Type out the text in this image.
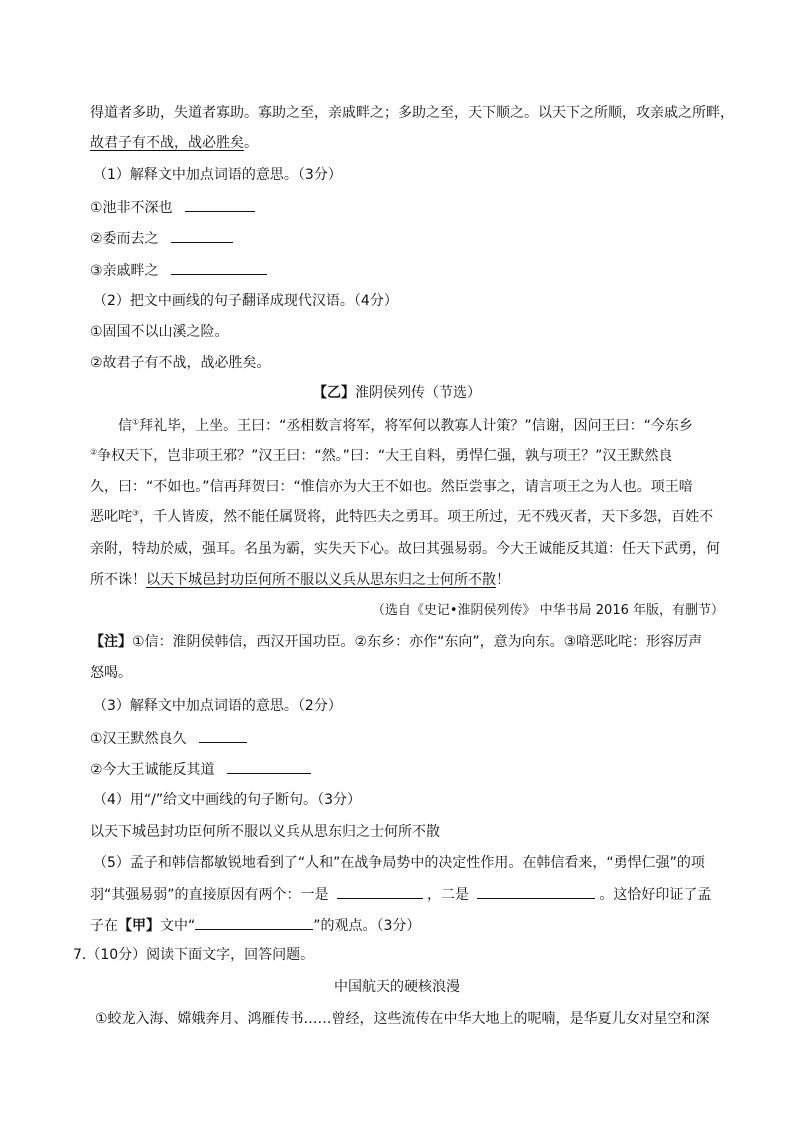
得道者多助，失道者寡助。寡助之至，亲戚畔之；多助之至，天下顺之。以天下之所顺，攻亲戚之所畔，
故君子有不战，战必胜矣。
（1）解释文中加点词语的意思。（3分）
①池非不深也
②委而去之
③亲戚畔之
（2）把文中画线的句子翻译成现代汉语。（4分）
①固国不以山溪之险。
②故君子有不战，战必胜矣。
【乙】淮阴侯列传（节选）
信①拜礼毕，上坐。王曰：“丞相数言将军，将军何以教寡人计策？”信谢，因问王曰：“今东乡
②争权天下，岂非项王邪？”汉王曰：“然。”曰：“大王自料，勇悍仁强，孰与项王？”汉王默然良
久，曰：“不如也。”信再拜贺曰：“惟信亦为大王不如也。然臣尝事之，请言项王之为人也。项王喑
恶叱咤③，千人皆废，然不能任属贤将，此特匹夫之勇耳。项王所过，无不残灭者，天下多怨，百姓不
亲附，特劫於威，强耳。名虽为霸，实失天下心。故曰其强易弱。今大王诚能反其道：任天下武勇，何
所不诛！以天下城邑封功臣何所不服以义兵从思东归之士何所不散！
（选自《史记•淮阴侯列传》 中华书局 2016 年版，有删节）
【注】①信：淮阴侯韩信，西汉开国功臣。②东乡：亦作“东向”，意为向东。③喑恶叱咤：形容厉声
怒喝。
（3）解释文中加点词语的意思。（2分）
①汉王默然良久
②今大王诚能反其道
（4）用“/”给文中画线的句子断句。（3分）
以天下城邑封功臣何所不服以义兵从思东归之士何所不散
（5）孟子和韩信都敏锐地看到了“人和”在战争局势中的决定性作用。在韩信看来，“勇悍仁强”的项
羽“其强易弱”的直接原因有两个：一是	，二是	。这恰好印证了孟
子在【甲】文中“	”的观点。（3分）
7.（10分）阅读下面文字，回答问题。
中国航天的硬核浪漫
①蛟龙入海、嫦娥奔月、鸿雁传书……曾经，这些流传在中华大地上的呢喃，是华夏儿女对星空和深
